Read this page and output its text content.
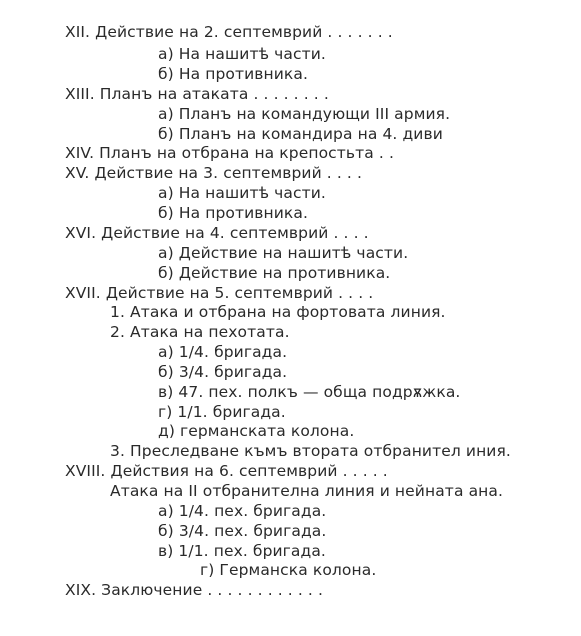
XII. Действие на 2. септемврий . . . . . . .
а) На нашитѣ части.
б) На противника.
XIII. Планъ на атаката . . . . . . . .
а) Планъ на командующи III армия.
б) Планъ на командира на 4. диви
XIV. Планъ на отбрана на крепостьта . .
XV. Действие на 3. септемврий . . . .
а) На нашитѣ части.
б) На противника.
XVI. Действие на 4. септемврий . . . .
а) Действие на нашитѣ части.
б) Действие на противника.
XVII. Действие на 5. септемврий . . . .
1. Атака и отбрана на фортовата линия.
2. Атака на пехотата.
а) 1/4. бригада.
б) 3/4. бригада.
в) 47. пех. полкъ — обща подрѫжка.
г) 1/1. бригада.
д) германската колона.
3. Преследване къмъ втората отбранител иния.
XVIII. Действия на 6. септемврий . . . . .
Атака на II отбранителна линия и нейната ана.
а) 1/4. пех. бригада.
б) 3/4. пех. бригада.
в) 1/1. пех. бригада.
г) Германска колона.
XIX. Заключение . . . . . . . . . . . .
